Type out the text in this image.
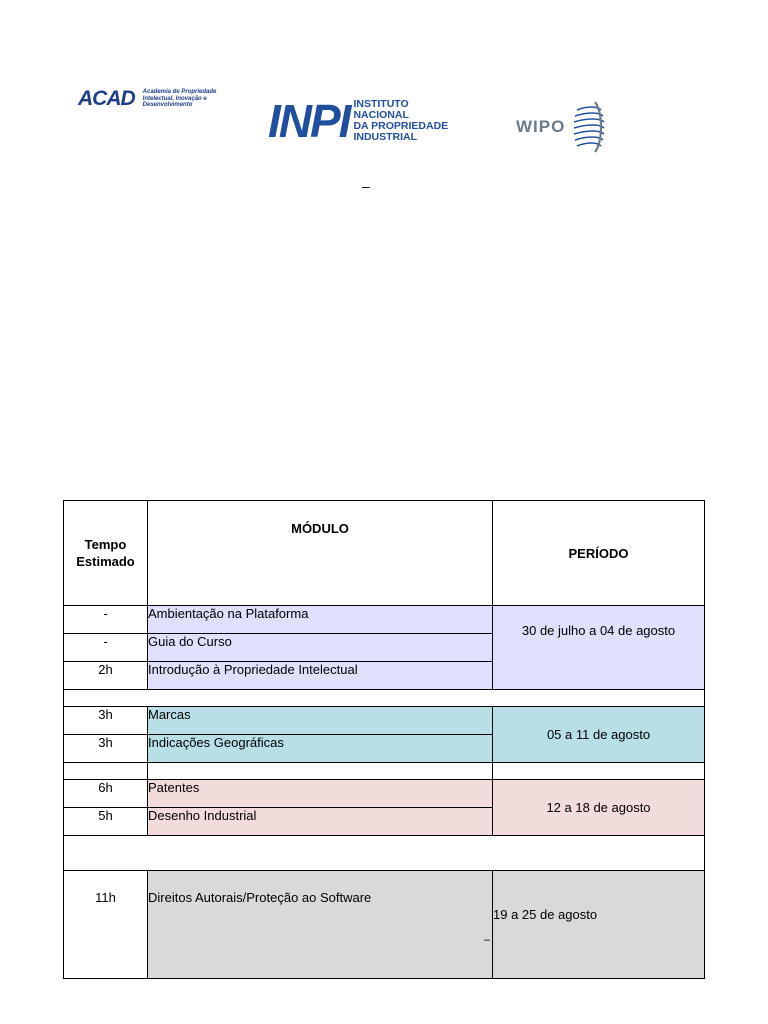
ACAD Academia de Propriedade Intelectual, Inovação e Desenvolvimento	INPI INSTITUTO
NACIONAL
DA PROPRIEDADE
INDUSTRIAL
WIPO
–
Tempo
Estimado	MÓDULO	PERÍODO
-	Ambientação na Plataforma	30 de julho a 04 de agosto
-	Guia do Curso	
2h	Introdução à Propriedade Intelectual	

3h	Marcas	05 a 11 de agosto
3h	Indicações Geográficas	

6h	Patentes	12 a 18 de agosto
5h	Desenho Industrial	

11h	Direitos Autorais/Proteção ao Software	19 a 25 de agosto
–
